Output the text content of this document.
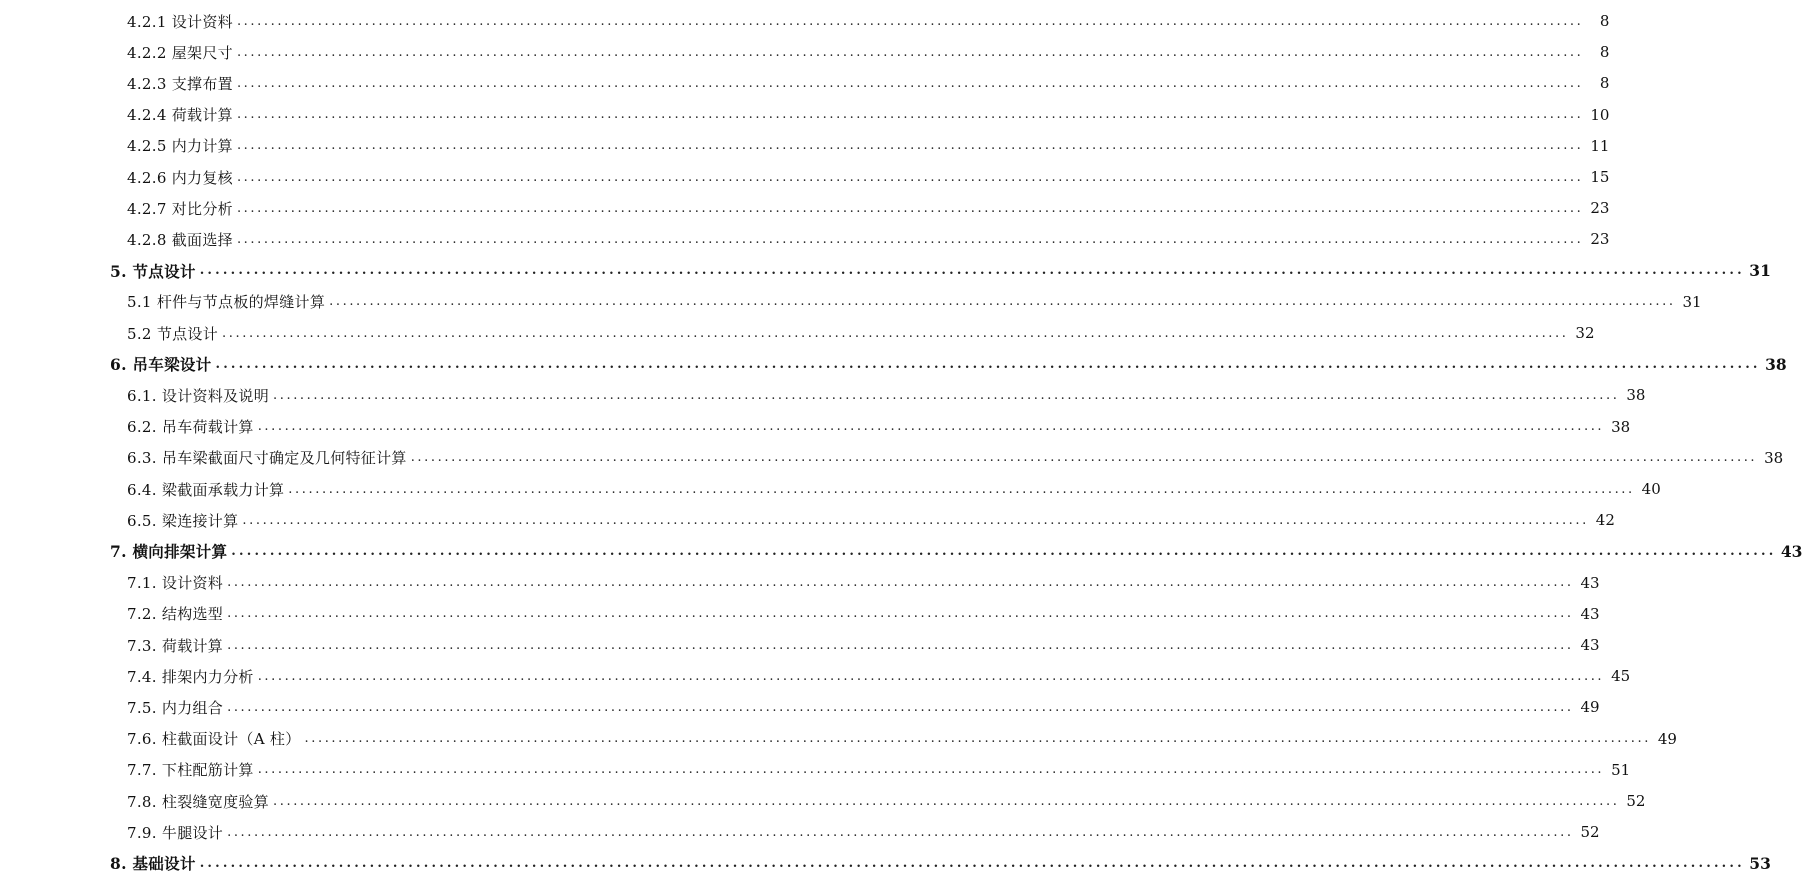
4.2.1 设计资料 ........................................................................................................................................................................................................	8
4.2.2 屋架尺寸 ........................................................................................................................................................................................................	8
4.2.3 支撑布置 ........................................................................................................................................................................................................	8
4.2.4 荷载计算 ........................................................................................................................................................................................................ 10
4.2.5 内力计算 ........................................................................................................................................................................................................ 11
4.2.6 内力复核 ........................................................................................................................................................................................................ 15
4.2.7 对比分析 ........................................................................................................................................................................................................ 23
4.2.8 截面选择 ........................................................................................................................................................................................................ 23
5. 节点设计 ........................................................................................................................................................................................................ 31
5.1 杆件与节点板的焊缝计算 ........................................................................................................................................................................................................ 31
5.2 节点设计 ........................................................................................................................................................................................................ 32
6. 吊车梁设计 ........................................................................................................................................................................................................ 38
6.1. 设计资料及说明 ........................................................................................................................................................................................................ 38
6.2. 吊车荷载计算 ........................................................................................................................................................................................................ 38
6.3. 吊车梁截面尺寸确定及几何特征计算 ........................................................................................................................................................................................................ 38
6.4. 梁截面承载力计算 ........................................................................................................................................................................................................ 40
6.5. 梁连接计算 ........................................................................................................................................................................................................ 42
7. 横向排架计算 ........................................................................................................................................................................................................ 43
7.1. 设计资料 ........................................................................................................................................................................................................ 43
7.2. 结构选型 ........................................................................................................................................................................................................ 43
7.3. 荷载计算 ........................................................................................................................................................................................................ 43
7.4. 排架内力分析 ........................................................................................................................................................................................................ 45
7.5. 内力组合 ........................................................................................................................................................................................................ 49
7.6. 柱截面设计（A 柱） ........................................................................................................................................................................................................ 49
7.7. 下柱配筋计算 ........................................................................................................................................................................................................ 51
7.8. 柱裂缝宽度验算 ........................................................................................................................................................................................................ 52
7.9. 牛腿设计 ........................................................................................................................................................................................................ 52
8. 基础设计 ........................................................................................................................................................................................................ 53
